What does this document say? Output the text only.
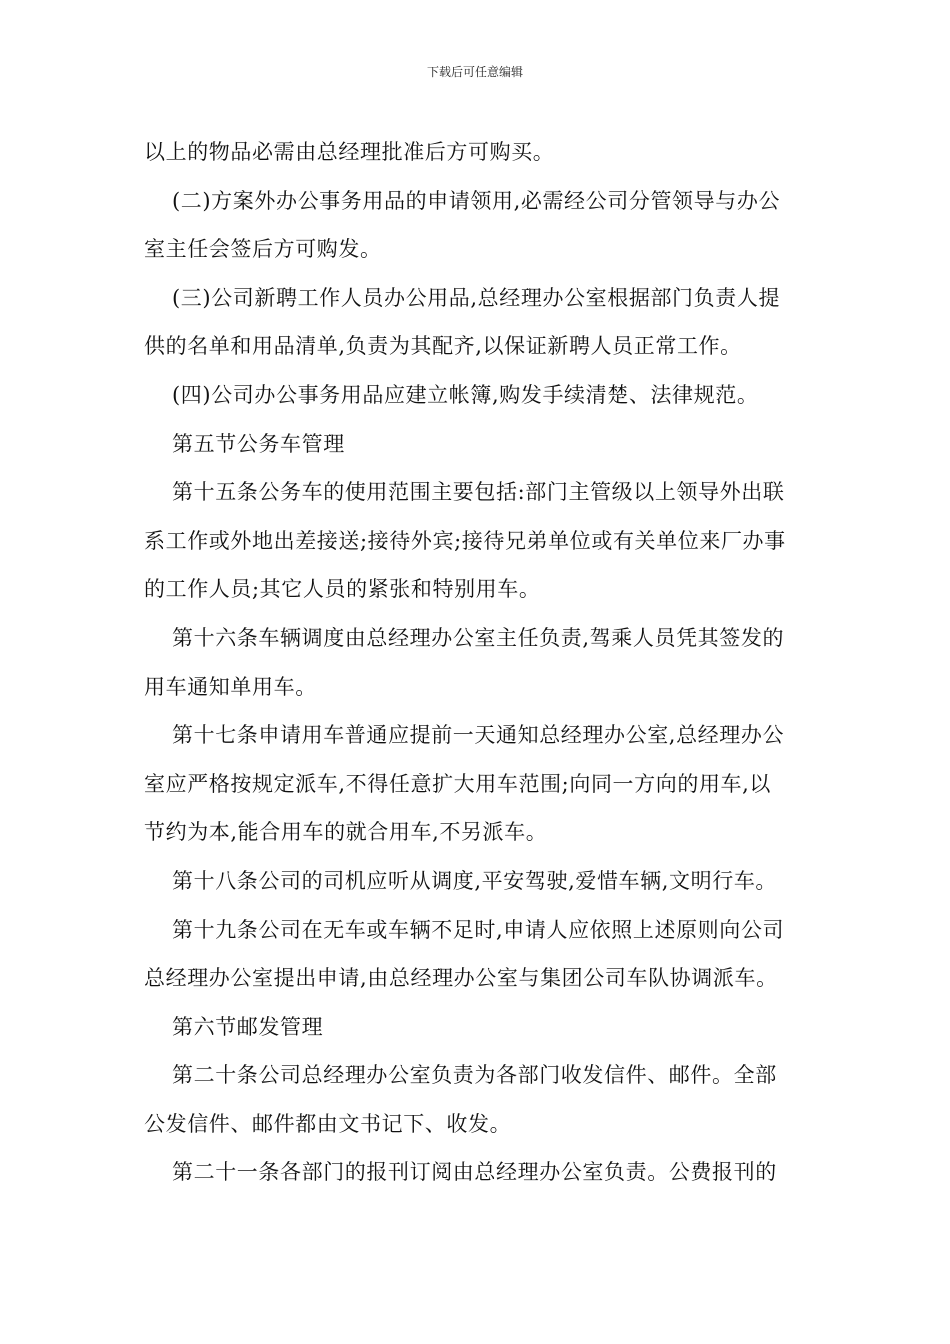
下载后可任意编辑

以上的物品必需由总经理批准后方可购买。

(二)方案外办公事务用品的申请领用,必需经公司分管领导与办公

室主任会签后方可购发。

(三)公司新聘工作人员办公用品,总经理办公室根据部门负责人提

供的名单和用品清单,负责为其配齐,以保证新聘人员正常工作。

(四)公司办公事务用品应建立帐簿,购发手续清楚、法律规范。

第五节公务车管理

第十五条公务车的使用范围主要包括:部门主管级以上领导外出联

系工作或外地出差接送;接待外宾;接待兄弟单位或有关单位来厂办事

的工作人员;其它人员的紧张和特别用车。

第十六条车辆调度由总经理办公室主任负责,驾乘人员凭其签发的

用车通知单用车。

第十七条申请用车普通应提前一天通知总经理办公室,总经理办公

室应严格按规定派车,不得任意扩大用车范围;向同一方向的用车,以

节约为本,能合用车的就合用车,不另派车。

第十八条公司的司机应听从调度,平安驾驶,爱惜车辆,文明行车。

第十九条公司在无车或车辆不足时,申请人应依照上述原则向公司

总经理办公室提出申请,由总经理办公室与集团公司车队协调派车。

第六节邮发管理

第二十条公司总经理办公室负责为各部门收发信件、邮件。全部

公发信件、邮件都由文书记下、收发。

第二十一条各部门的报刊订阅由总经理办公室负责。公费报刊的
